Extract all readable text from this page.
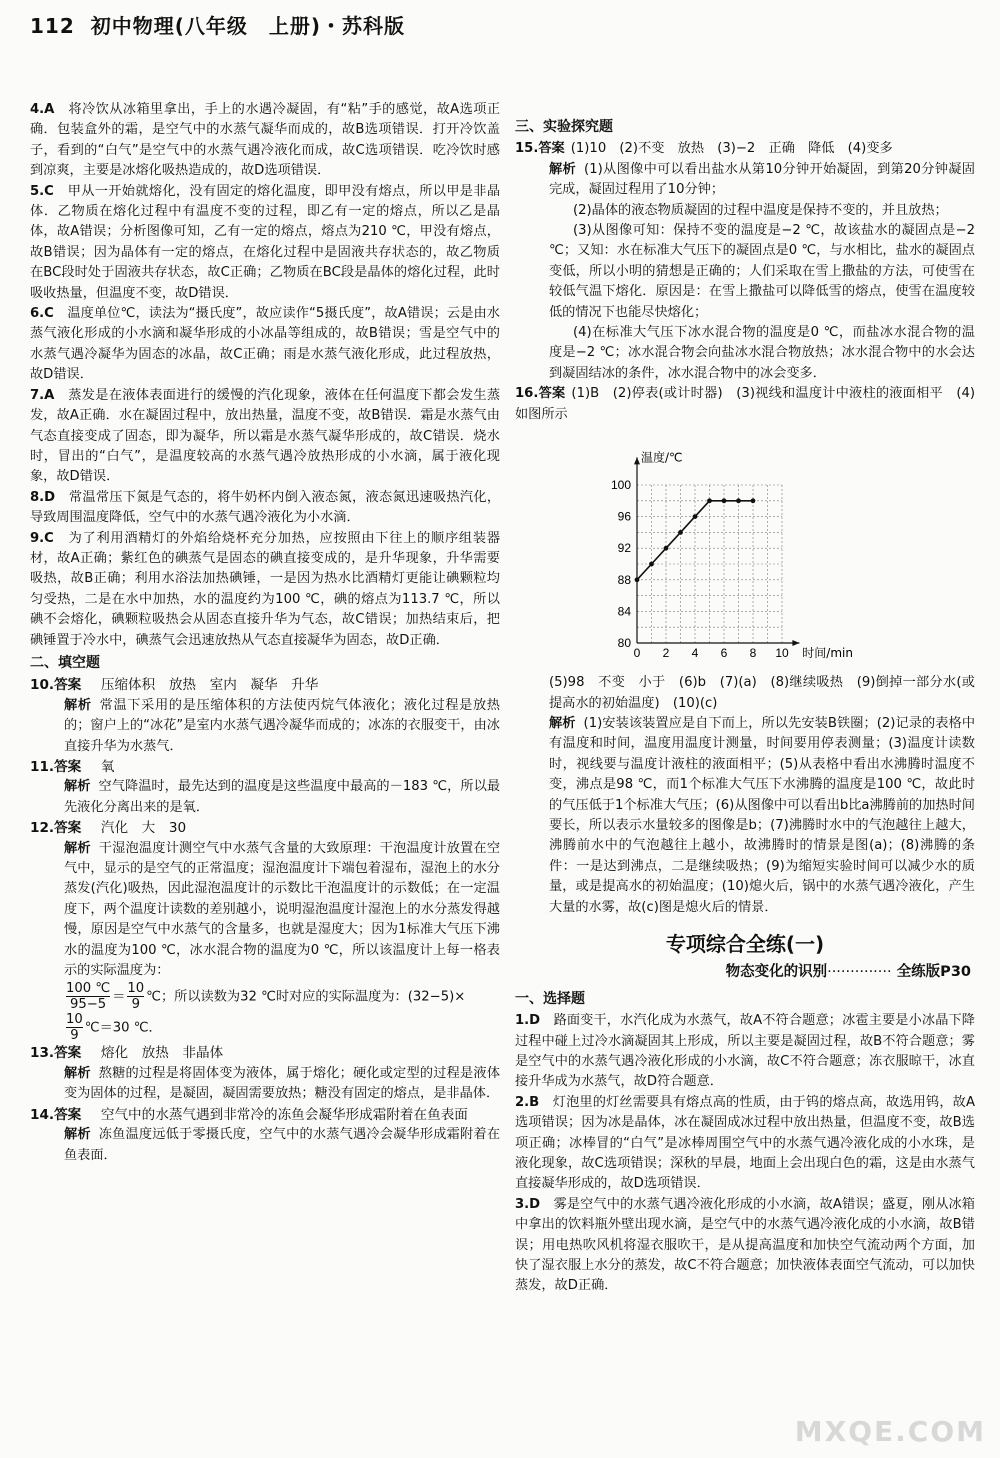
112 初中物理(八年级　上册)・苏科版

4.A　 将冷饮从冰箱里拿出，手上的水遇冷凝固，有“粘”手的感觉，故A选项正确．包装盒外的霜，是空气中的水蒸气凝华而成的，故B选项错误．打开冷饮盖子，看到的“白气”是空气中的水蒸气遇冷液化而成，故C选项错误．吃冷饮时感到凉爽，主要是冰熔化吸热造成的，故D选项错误．

5.C　 甲从一开始就熔化，没有固定的熔化温度，即甲没有熔点，所以甲是非晶体．乙物质在熔化过程中有温度不变的过程，即乙有一定的熔点，所以乙是晶体，故A错误；分析图像可知，乙有一定的熔点，熔点为210 ℃，甲没有熔点，故B错误；因为晶体有一定的熔点，在熔化过程中是固液共存状态的，故乙物质在BC段时处于固液共存状态，故C正确；乙物质在BC段是晶体的熔化过程，此时吸收热量，但温度不变，故D错误．

6.C　 温度单位℃，读法为“摄氏度”，故应读作“5摄氏度”，故A错误；云是由水蒸气液化形成的小水滴和凝华形成的小冰晶等组成的，故B错误；雪是空气中的水蒸气遇冷凝华为固态的冰晶，故C正确；雨是水蒸气液化形成，此过程放热，故D错误．

7.A　 蒸发是在液体表面进行的缓慢的汽化现象，液体在任何温度下都会发生蒸发，故A正确．水在凝固过程中，放出热量，温度不变，故B错误．霜是水蒸气由气态直接变成了固态，即为凝华，所以霜是水蒸气凝华形成的，故C错误．烧水时，冒出的“白气”，是温度较高的水蒸气遇冷放热形成的小水滴，属于液化现象，故D错误．

8.D　 常温常压下氮是气态的，将牛奶杯内倒入液态氮，液态氮迅速吸热汽化，导致周围温度降低，空气中的水蒸气遇冷液化为小水滴．

9.C　 为了利用酒精灯的外焰给烧杯充分加热，应按照由下往上的顺序组装器材，故A正确；紫红色的碘蒸气是固态的碘直接变成的，是升华现象，升华需要吸热，故B正确；利用水浴法加热碘锤，一是因为热水比酒精灯更能让碘颗粒均匀受热，二是在水中加热，水的温度约为100 ℃，碘的熔点为113.7 ℃，所以碘不会熔化，碘颗粒吸热会从固态直接升华为气态，故C错误；加热结束后，把碘锤置于冷水中，碘蒸气会迅速放热从气态直接凝华为固态，故D正确．

二、填空题

10.答案　 压缩体积　放热　室内　凝华　升华

解析 常温下采用的是压缩体积的方法使丙烷气体液化；液化过程是放热的；窗户上的“冰花”是室内水蒸气遇冷凝华而成的；冰冻的衣服变干，由冰直接升华为水蒸气．

11.答案　 氧

解析 空气降温时，最先达到的温度是这些温度中最高的－183 ℃，所以最先液化分离出来的是氧．

12.答案　 汽化　大　30

解析 干湿泡温度计测空气中水蒸气含量的大致原理：干泡温度计放置在空气中，显示的是空气的正常温度；湿泡温度计下端包着湿布，湿泡上的水分蒸发(汽化)吸热，因此湿泡温度计的示数比干泡温度计的示数低；在一定温度下，两个温度计读数的差别越小，说明湿泡温度计湿泡上的水分蒸发得越慢，原因是空气中水蒸气的含量多，也就是湿度大；因为1标准大气压下沸水的温度为100 ℃，冰水混合物的温度为0 ℃，所以该温度计上每一格表示的实际温度为：

$\frac{100 ℃}{95-5} = \frac{10}{9}$ ℃；所以读数为32 ℃时对应的实际温度为：(32−5)×

$\frac{10}{9}$ ℃＝30 ℃．

13.答案　 熔化　放热　非晶体

解析 熬糖的过程是将固体变为液体，属于熔化；硬化或定型的过程是液体变为固体的过程，是凝固，凝固需要放热；糖没有固定的熔点，是非晶体．

14.答案　 空气中的水蒸气遇到非常冷的冻鱼会凝华形成霜附着在鱼表面

解析 冻鱼温度远低于零摄氏度，空气中的水蒸气遇冷会凝华形成霜附着在鱼表面．

三、实验探究题

15.答案 (1)10　(2)不变　放热　(3)−2　正确　降低　(4)变多

解析 (1)从图像中可以看出盐水从第10分钟开始凝固，到第20分钟凝固完成，凝固过程用了10分钟；

(2)晶体的液态物质凝固的过程中温度是保持不变的，并且放热；

(3)从图像可知：保持不变的温度是−2 ℃，故该盐水的凝固点是−2 ℃；又知：水在标准大气压下的凝固点是0 ℃，与水相比，盐水的凝固点变低，所以小明的猜想是正确的；人们采取在雪上撒盐的方法，可使雪在较低气温下熔化．原因是：在雪上撒盐可以降低雪的熔点，使雪在温度较低的情况下也能尽快熔化；

(4)在标准大气压下冰水混合物的温度是0 ℃，而盐冰水混合物的温度是−2 ℃；冰水混合物会向盐冰水混合物放热；冰水混合物中的水会达到凝固结冰的条件，冰水混合物中的冰会变多．

16.答案 (1)B　(2)停表(或计时器)　(3)视线和温度计中液柱的液面相平　(4)如图所示

0 2 4 6 8 10
80
84
88
92
96
100
温度/℃
时间/min

(5)98　不变　小于　(6)b　(7)(a)　(8)继续吸热　(9)倒掉一部分水(或提高水的初始温度)　(10)(c)

解析 (1)安装该装置应是自下而上，所以先安装B铁圈；(2)记录的表格中有温度和时间，温度用温度计测量，时间要用停表测量；(3)温度计读数时，视线要与温度计液柱的液面相平；(5)从表格中看出水沸腾时温度不变，沸点是98 ℃，而1个标准大气压下水沸腾的温度是100 ℃，故此时的气压低于1个标准大气压；(6)从图像中可以看出b比a沸腾前的加热时间要长，所以表示水量较多的图像是b；(7)沸腾时水中的气泡越往上越大，沸腾前水中的气泡越往上越小，故沸腾时的情景是图(a)；(8)沸腾的条件：一是达到沸点，二是继续吸热；(9)为缩短实验时间可以减少水的质量，或是提高水的初始温度；(10)熄火后，锅中的水蒸气遇冷液化，产生大量的水雾，故(c)图是熄火后的情景．

专项综合全练(一)
物态变化的识别·············· 全练版P30
一、选择题

1.D　 路面变干，水汽化成为水蒸气，故A不符合题意；冰雹主要是小冰晶下降过程中碰上过冷水滴凝固其上形成，所以主要是凝固过程，故B不符合题意；雾是空气中的水蒸气遇冷液化形成的小水滴，故C不符合题意；冻衣服晾干，冰直接升华成为水蒸气，故D符合题意．

2.B　 灯泡里的灯丝需要具有熔点高的性质，由于钨的熔点高，故选用钨，故A选项错误；因为冰是晶体，冰在凝固成冰过程中放出热量，但温度不变，故B选项正确；冰棒冒的“白气”是冰棒周围空气中的水蒸气遇冷液化成的小水珠，是液化现象，故C选项错误；深秋的早晨，地面上会出现白色的霜，这是由水蒸气直接凝华形成的，故D选项错误．

3.D　 雾是空气中的水蒸气遇冷液化形成的小水滴，故A错误；盛夏，刚从冰箱中拿出的饮料瓶外壁出现水滴，是空气中的水蒸气遇冷液化成的小水滴，故B错误；用电热吹风机将湿衣服吹干，是从提高温度和加快空气流动两个方面，加快了湿衣服上水分的蒸发，故C不符合题意；加快液体表面空气流动，可以加快蒸发，故D正确．

MXQE.COM
